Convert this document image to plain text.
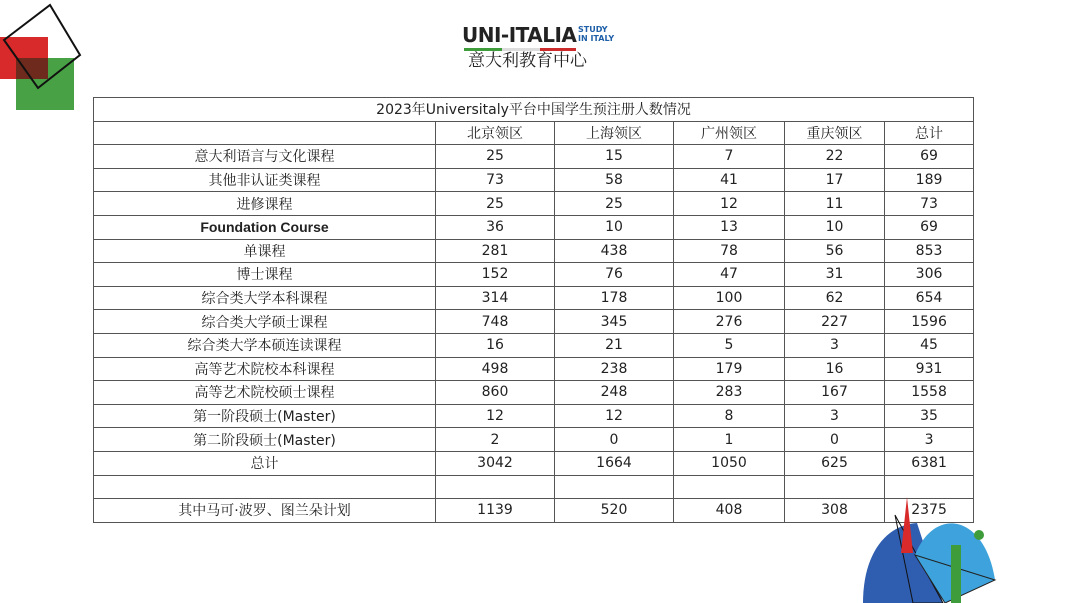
UNI-ITALIA STUDY
IN ITALY
意大利教育中心
2023年Universitaly平台中国学生预注册人数情况					
	北京领区	上海领区	广州领区	重庆领区	总计
意大利语言与文化课程	25	15	7	22	69
其他非认证类课程	73	58	41	17	189
进修课程	25	25	12	11	73
Foundation Course	36	10	13	10	69
单课程	281	438	78	56	853
博士课程	152	76	47	31	306
综合类大学本科课程	314	178	100	62	654
综合类大学硕士课程	748	345	276	227	1596
综合类大学本硕连读课程	16	21	5	3	45
高等艺术院校本科课程	498	238	179	16	931
高等艺术院校硕士课程	860	248	283	167	1558
第一阶段硕士(Master)	12	12	8	3	35
第二阶段硕士(Master)	2	0	1	0	3
总计	3042	1664	1050	625	6381

其中马可·波罗、图兰朵计划	1139	520	408	308	2375
